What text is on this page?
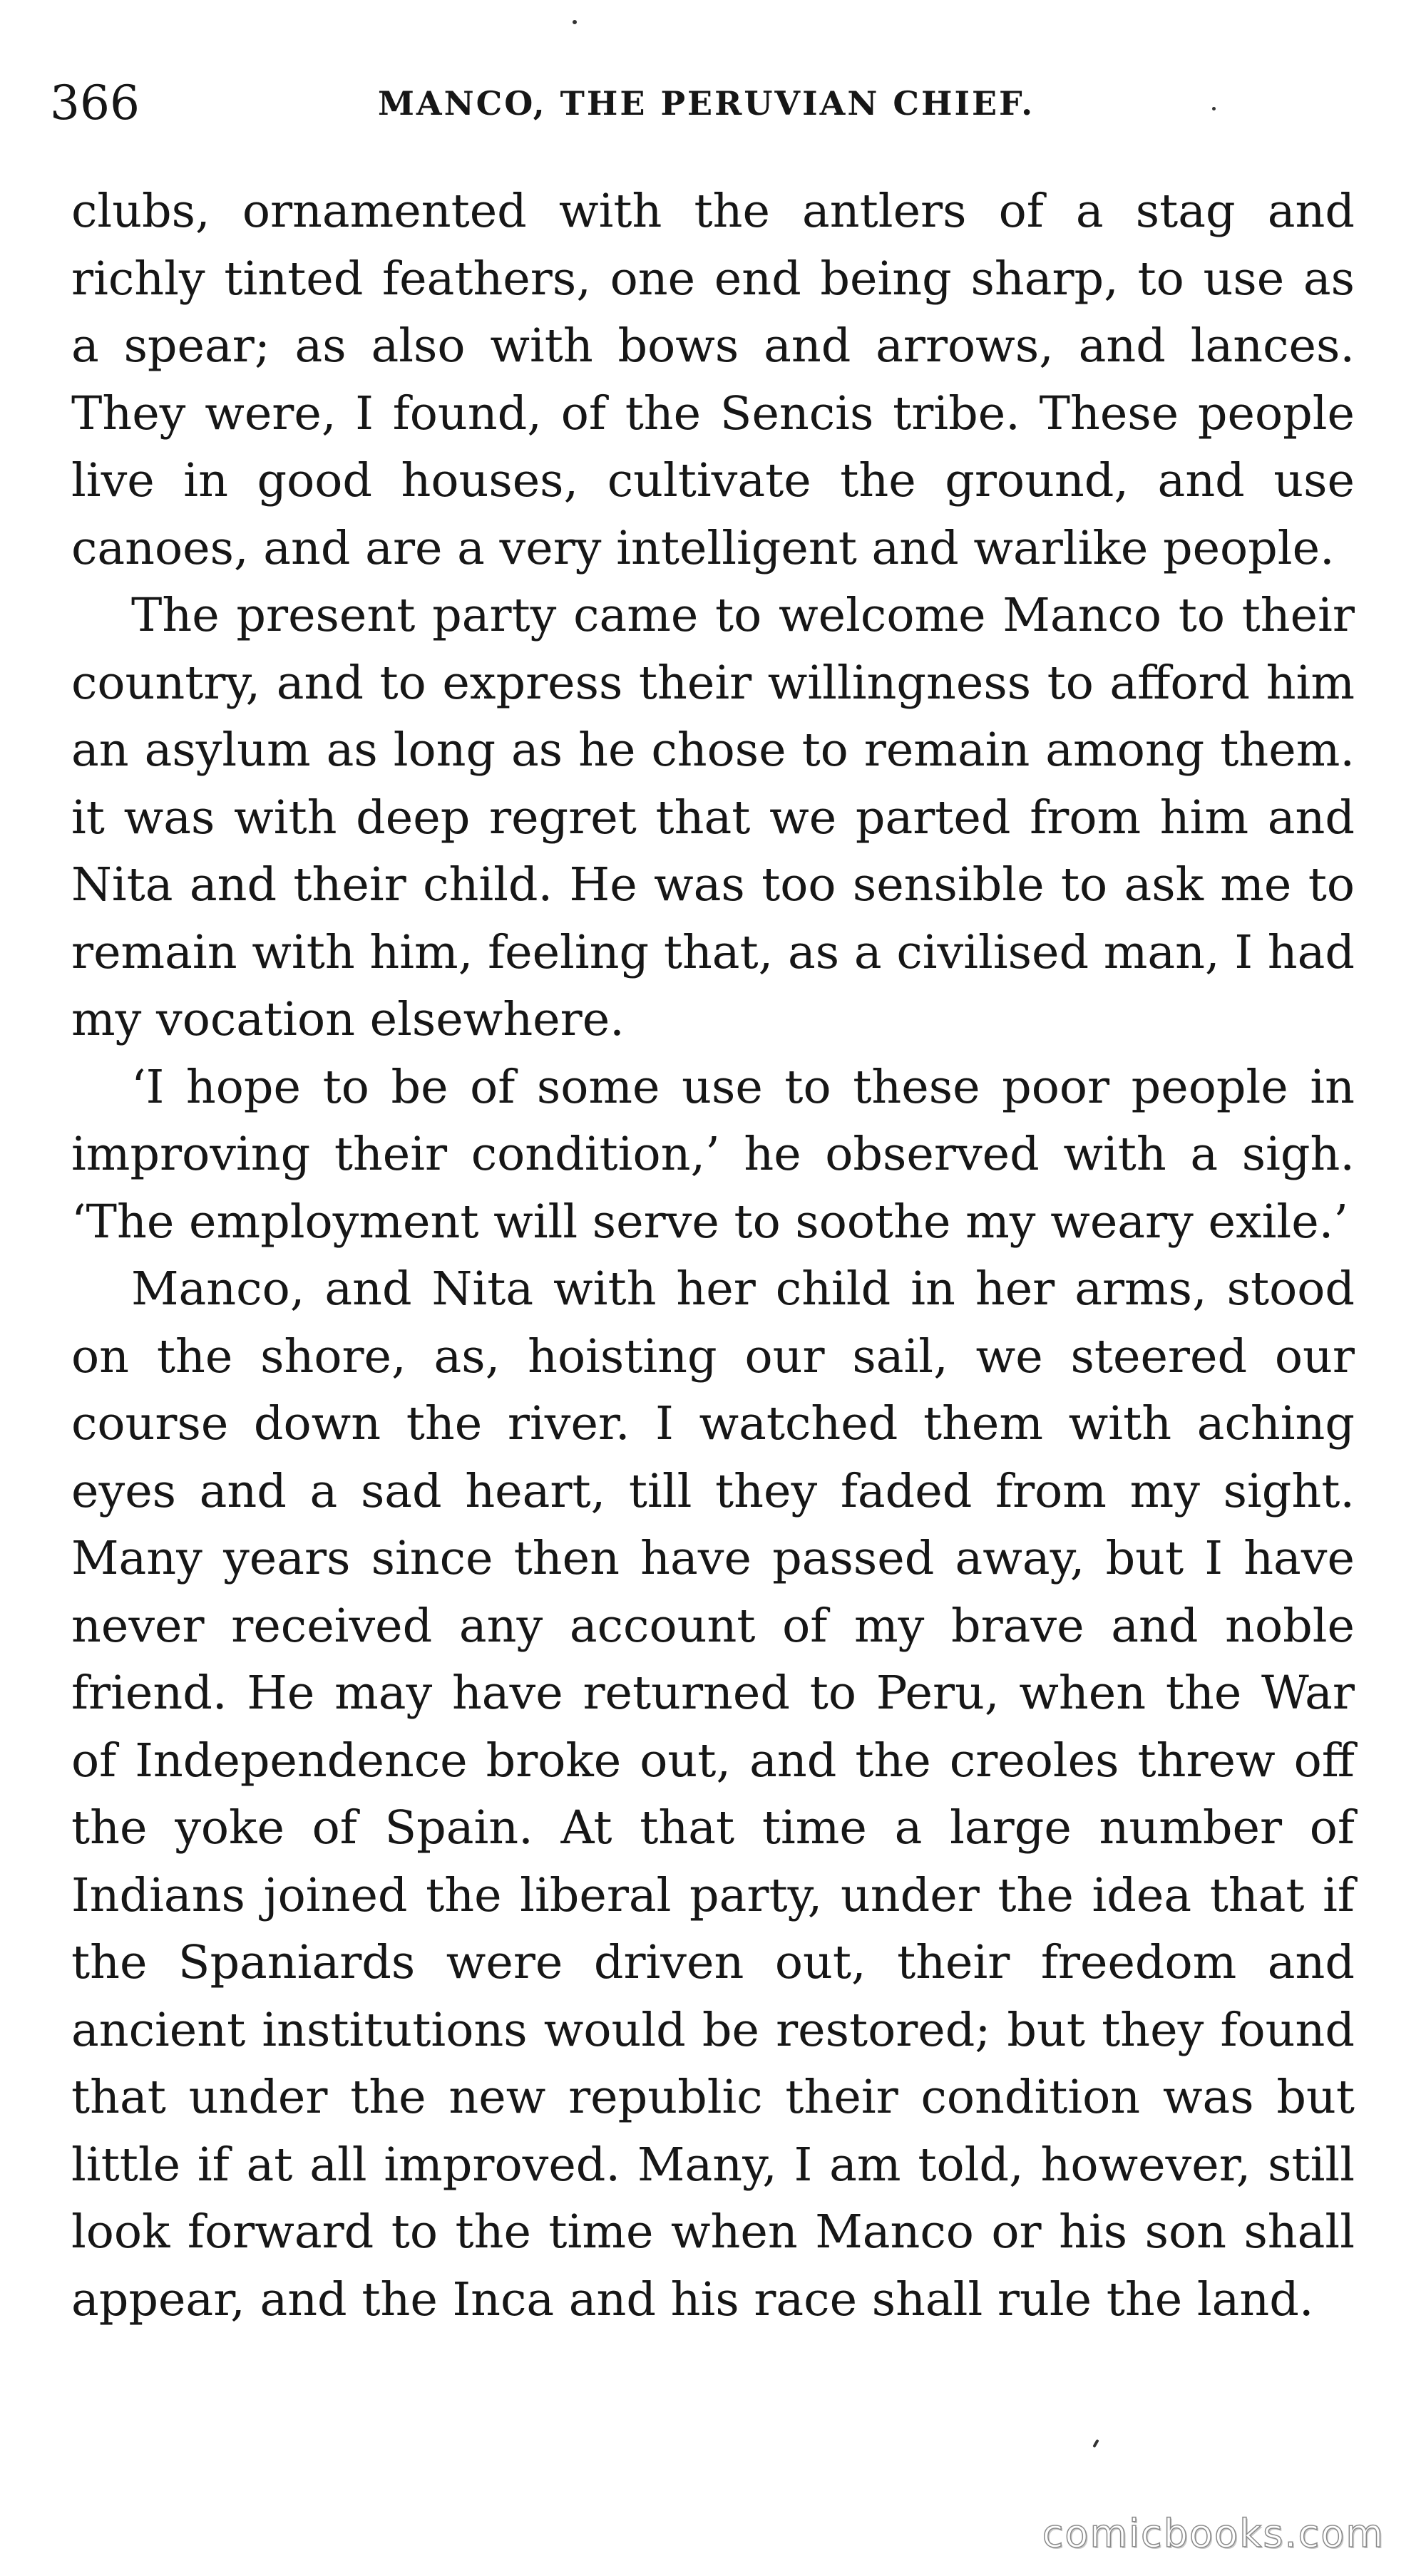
366	MANCO, THE PERUVIAN CHIEF.

clubs, ornamented with the antlers of a stag and richly tinted feathers, one end being sharp, to use as a spear; as also with bows and arrows, and lances. They were, I found, of the Sencis tribe. These people live in good houses, cultivate the ground, and use canoes, and are a very intelligent and warlike people.

The present party came to welcome Manco to their country, and to express their willingness to afford him an asylum as long as he chose to remain among them. it was with deep regret that we parted from him and Nita and their child. He was too sensible to ask me to remain with him, feeling that, as a civilised man, I had my vocation elsewhere.

‘I hope to be of some use to these poor people in improving their condition,’ he observed with a sigh. ‘The employment will serve to soothe my weary exile.’

Manco, and Nita with her child in her arms, stood on the shore, as, hoisting our sail, we steered our course down the river. I watched them with aching eyes and a sad heart, till they faded from my sight. Many years since then have passed away, but I have never received any account of my brave and noble friend. He may have returned to Peru, when the War of Independence broke out, and the creoles threw off the yoke of Spain. At that time a large number of Indians joined the liberal party, under the idea that if the Spaniards were driven out, their freedom and ancient institutions would be restored; but they found that under the new republic their condition was but little if at all improved. Many, I am told, however, still look forward to the time when Manco or his son shall appear, and the Inca and his race shall rule the land.

comicbooks.com
